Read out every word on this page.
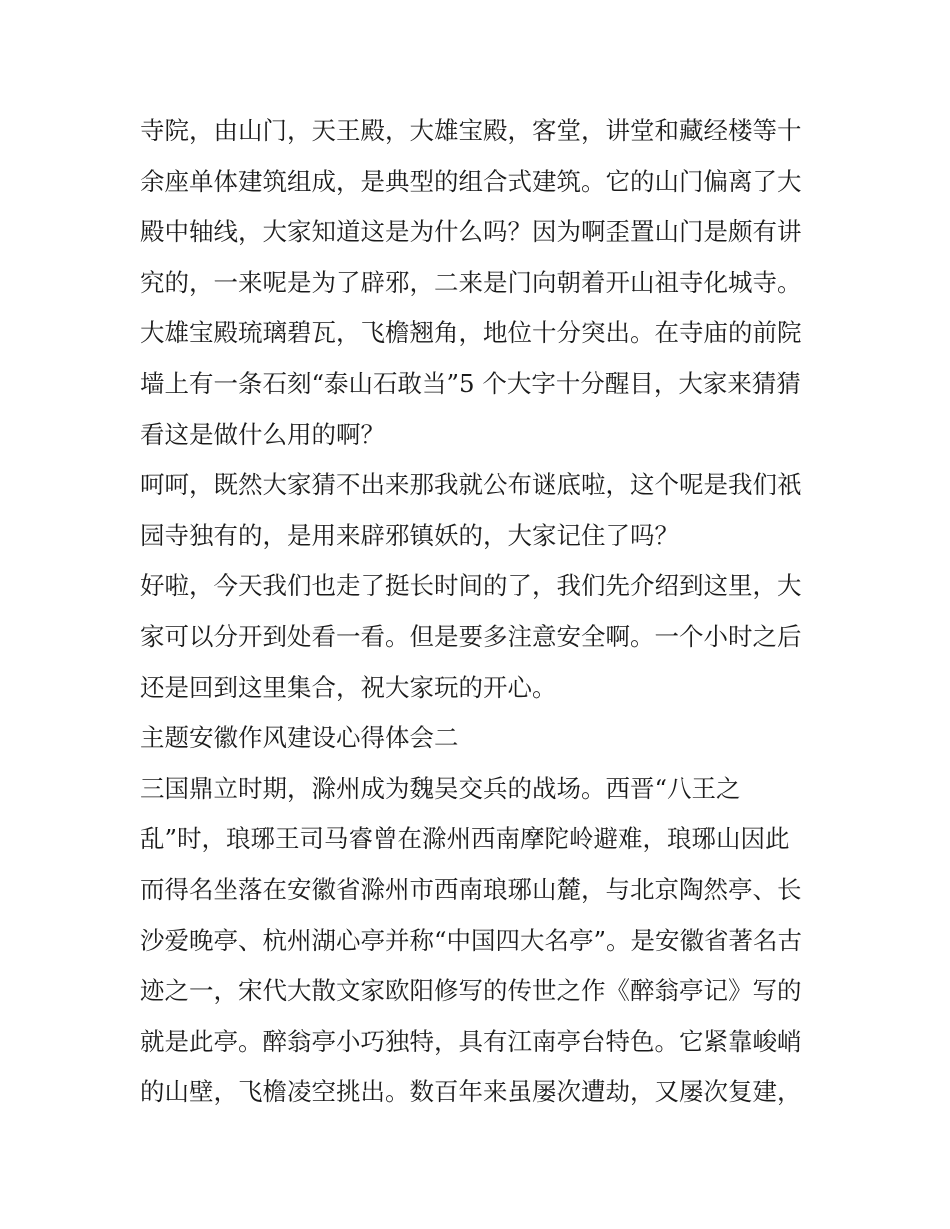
寺院，由山门，天王殿，大雄宝殿，客堂，讲堂和藏经楼等十

余座单体建筑组成，是典型的组合式建筑。它的山门偏离了大

殿中轴线，大家知道这是为什么吗？因为啊歪置山门是颇有讲

究的，一来呢是为了辟邪，二来是门向朝着开山祖寺化城寺。

大雄宝殿琉璃碧瓦，飞檐翘角，地位十分突出。在寺庙的前院

墙上有一条石刻“泰山石敢当”5 个大字十分醒目，大家来猜猜

看这是做什么用的啊？

呵呵，既然大家猜不出来那我就公布谜底啦，这个呢是我们祇

园寺独有的，是用来辟邪镇妖的，大家记住了吗？

好啦，今天我们也走了挺长时间的了，我们先介绍到这里，大

家可以分开到处看一看。但是要多注意安全啊。一个小时之后

还是回到这里集合，祝大家玩的开心。

主题安徽作风建设心得体会二

三国鼎立时期，滁州成为魏吴交兵的战场。西晋“八王之

乱”时，琅琊王司马睿曾在滁州西南摩陀岭避难，琅琊山因此

而得名坐落在安徽省滁州市西南琅琊山麓，与北京陶然亭、长

沙爱晚亭、杭州湖心亭并称“中国四大名亭”。是安徽省著名古

迹之一，宋代大散文家欧阳修写的传世之作《醉翁亭记》写的

就是此亭。醉翁亭小巧独特，具有江南亭台特色。它紧靠峻峭

的山壁，飞檐凌空挑出。数百年来虽屡次遭劫，又屡次复建，
